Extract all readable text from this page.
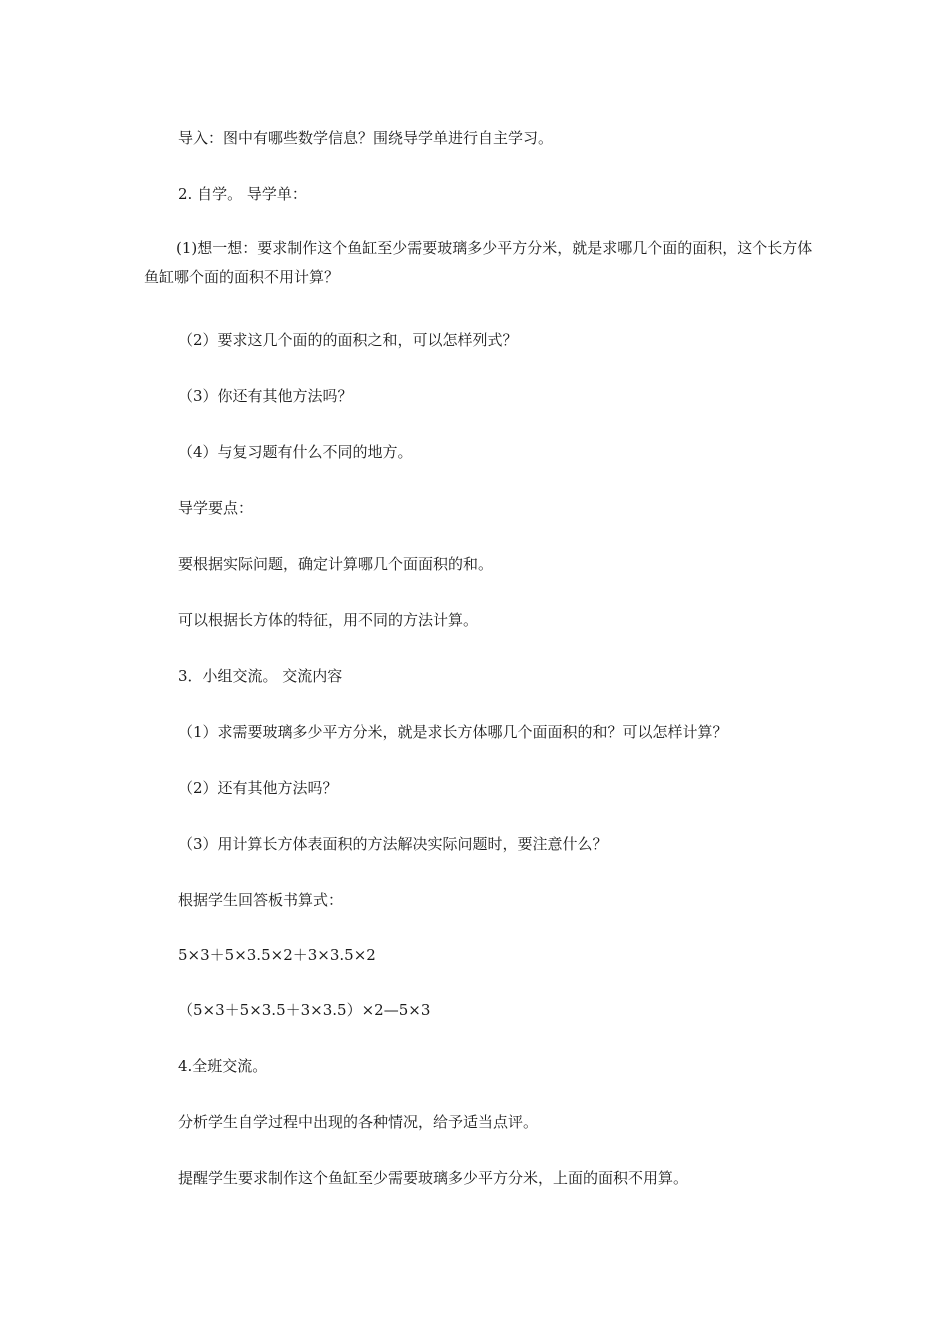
导入：图中有哪些数学信息？围绕导学单进行自主学习。
2. 自学。 导学单：
(1)想一想：要求制作这个鱼缸至少需要玻璃多少平方分米，就是求哪几个面的面积，这个长方体鱼缸哪个面的面积不用计算？
（2）要求这几个面的的面积之和，可以怎样列式？
（3）你还有其他方法吗？
（4）与复习题有什么不同的地方。
导学要点：
要根据实际问题，确定计算哪几个面面积的和。
可以根据长方体的特征，用不同的方法计算。
3．小组交流。 交流内容
（1）求需要玻璃多少平方分米，就是求长方体哪几个面面积的和？可以怎样计算？
（2）还有其他方法吗？
（3）用计算长方体表面积的方法解决实际问题时，要注意什么？
根据学生回答板书算式：
5×3＋5×3.5×2＋3×3.5×2
（5×3＋5×3.5＋3×3.5）×2—5×3
4.全班交流。
分析学生自学过程中出现的各种情况，给予适当点评。
提醒学生要求制作这个鱼缸至少需要玻璃多少平方分米，上面的面积不用算。
